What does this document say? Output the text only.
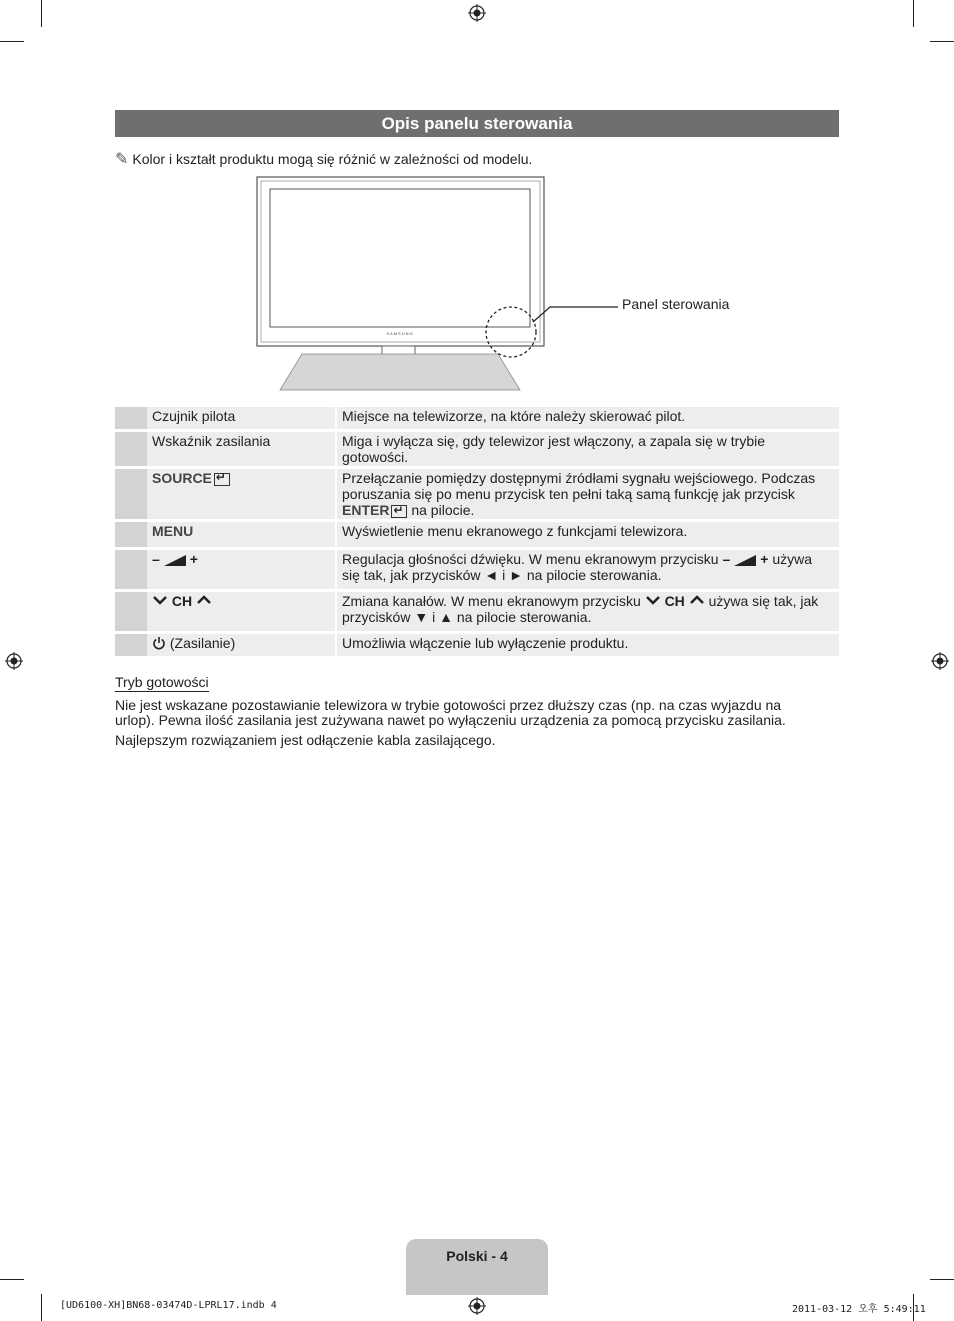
Opis panelu sterowania
✎ Kolor i kształt produktu mogą się różnić w zależności od modelu.
SAMSUNG
Panel sterowania
Czujnik pilota	Miejsce na telewizorze, na które należy skierować pilot.
Wskaźnik zasilania	Miga i wyłącza się, gdy telewizor jest włączony, a zapala się w trybie gotowości.
SOURCE ↵	Przełączanie pomiędzy dostępnymi źródłami sygnału wejściowego. Podczas poruszania się po menu przycisk ten pełni taką samą funkcję jak przycisk ENTER ↵ na pilocie.
MENU	Wyświetlenie menu ekranowego z funkcjami telewizora.
– +	Regulacja głośności dźwięku. W menu ekranowym przycisku – + używa się tak, jak przycisków ◄ i ► na pilocie sterowania.
CH	Zmiana kanałów. W menu ekranowym przycisku CH używa się tak, jak przycisków ▼ i ▲ na pilocie sterowania.
(Zasilanie)	Umożliwia włączenie lub wyłączenie produktu.
Tryb gotowości
Nie jest wskazane pozostawianie telewizora w trybie gotowości przez dłuższy czas (np. na czas wyjazdu na urlop). Pewna ilość zasilania jest zużywana nawet po wyłączeniu urządzenia za pomocą przycisku zasilania.
Najlepszym rozwiązaniem jest odłączenie kabla zasilającego.
Polski - 4
[UD6100-XH]BN68-03474D-LPRL17.indb 4	2011-03-12 오후 5:49:11
